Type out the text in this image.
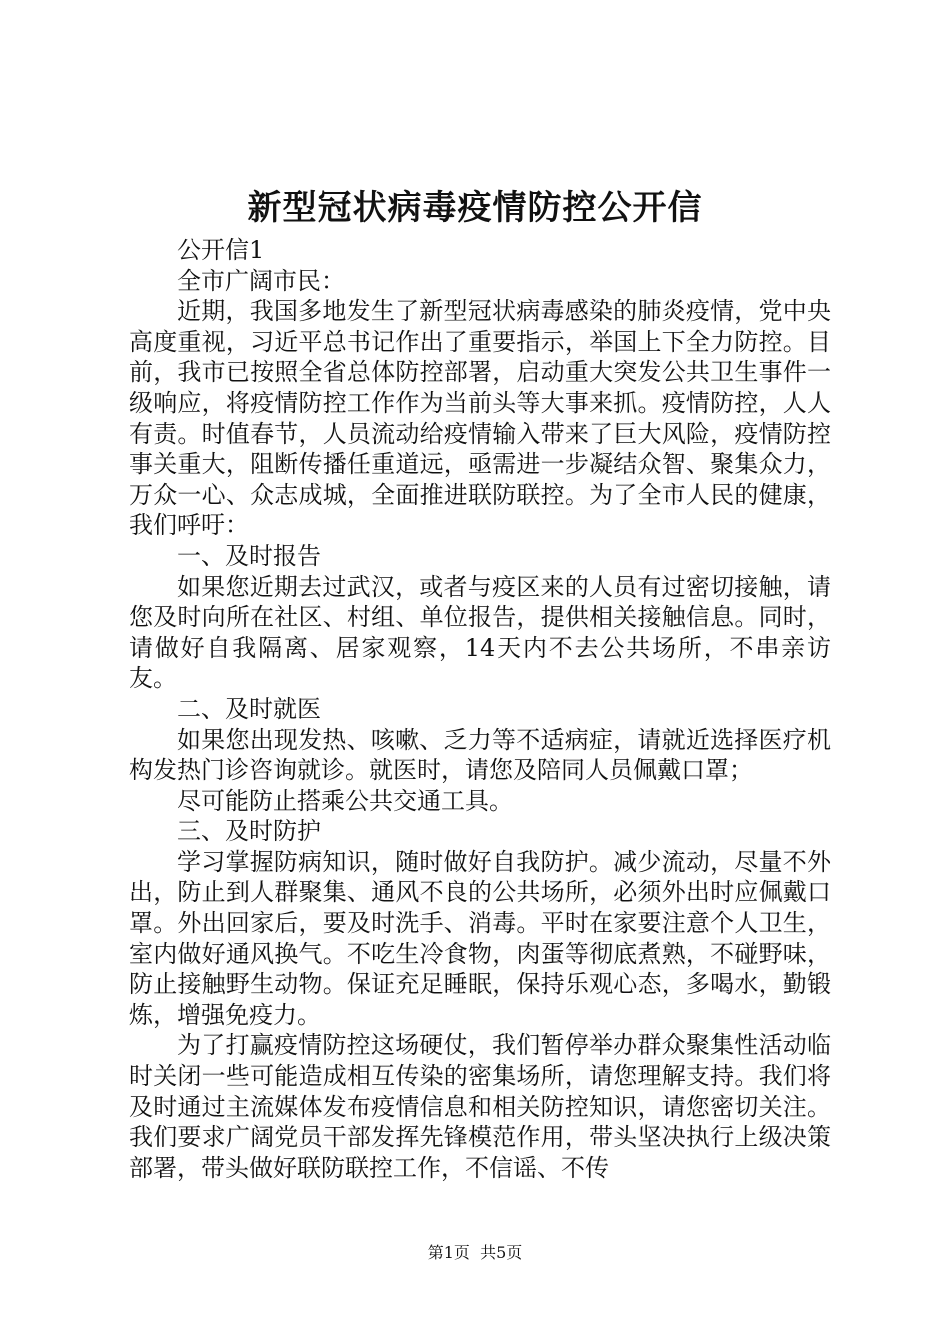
新型冠状病毒疫情防控公开信

公开信1

全市广阔市民：

近期，我国多地发生了新型冠状病毒感染的肺炎疫情，党中央高度重视，习近平总书记作出了重要指示，举国上下全力防控。目前，我市已按照全省总体防控部署，启动重大突发公共卫生事件一级响应，将疫情防控工作作为当前头等大事来抓。疫情防控，人人有责。时值春节，人员流动给疫情输入带来了巨大风险，疫情防控事关重大，阻断传播任重道远，亟需进一步凝结众智、聚集众力，万众一心、众志成城，全面推进联防联控。为了全市人民的健康，我们呼吁：

一、及时报告

如果您近期去过武汉，或者与疫区来的人员有过密切接触，请您及时向所在社区、村组、单位报告，提供相关接触信息。同时，请做好自我隔离、居家观察，14天内不去公共场所，不串亲访友。

二、及时就医

如果您出现发热、咳嗽、乏力等不适病症，请就近选择医疗机构发热门诊咨询就诊。就医时，请您及陪同人员佩戴口罩；

尽可能防止搭乘公共交通工具。

三、及时防护

学习掌握防病知识，随时做好自我防护。减少流动，尽量不外出，防止到人群聚集、通风不良的公共场所，必须外出时应佩戴口罩。外出回家后，要及时洗手、消毒。平时在家要注意个人卫生，室内做好通风换气。不吃生冷食物，肉蛋等彻底煮熟，不碰野味，防止接触野生动物。保证充足睡眠，保持乐观心态，多喝水，勤锻炼，增强免疫力。

为了打赢疫情防控这场硬仗，我们暂停举办群众聚集性活动临时关闭一些可能造成相互传染的密集场所，请您理解支持。我们将及时通过主流媒体发布疫情信息和相关防控知识，请您密切关注。我们要求广阔党员干部发挥先锋模范作用，带头坚决执行上级决策部署，带头做好联防联控工作，不信谣、不传

第1页  共5页
